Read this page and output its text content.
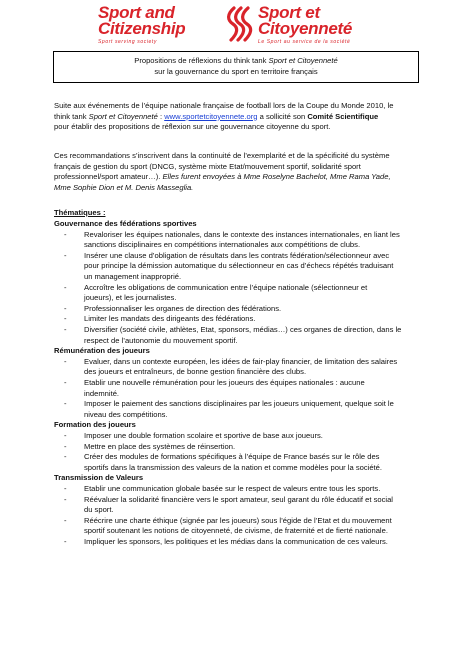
Sport and
Citizenship
Sport serving society
Sport et
Citoyenneté
Le Sport au service de la société
Propositions de réflexions du think tank Sport et Citoyenneté
sur la gouvernance du sport en territoire français
Suite aux événements de l’équipe nationale française de football lors de la Coupe du Monde 2010, le
think tank Sport et Citoyenneté : www.sportetcitoyennete.org a sollicité son Comité Scientifique
pour établir des propositions de réflexion sur une gouvernance citoyenne du sport.
Ces recommandations s’inscrivent dans la continuité de l’exemplarité et de la spécificité du système
français de gestion du sport (DNCG, système mixte Etat/mouvement sportif, solidarité sport
professionnel/sport amateur…). Elles furent envoyées à Mme Roselyne Bachelot, Mme Rama Yade,
Mme Sophie Dion et M. Denis Masseglia.
Thématiques :
Gouvernance des fédérations sportives
- Revaloriser les équipes nationales, dans le contexte des instances internationales, en liant les
sanctions disciplinaires en compétitions internationales aux compétitions de clubs.
- Insérer une clause d’obligation de résultats dans les contrats fédération/sélectionneur avec
pour principe la démission automatique du sélectionneur en cas d’échecs répétés traduisant
un management inapproprié.
- Accroître les obligations de communication entre l’équipe nationale (sélectionneur et
joueurs), et les journalistes.
- Professionnaliser les organes de direction des fédérations.
- Limiter les mandats des dirigeants des fédérations.
- Diversifier (société civile, athlètes, Etat, sponsors, médias…) ces organes de direction, dans le
respect de l’autonomie du mouvement sportif.
Rémunération des joueurs
- Evaluer, dans un contexte européen, les idées de fair-play financier, de limitation des salaires
des joueurs et entraîneurs, de bonne gestion financière des clubs.
- Etablir une nouvelle rémunération pour les joueurs des équipes nationales : aucune
indemnité.
- Imposer le paiement des sanctions disciplinaires par les joueurs uniquement, quelque soit le
niveau des compétitions.
Formation des joueurs
- Imposer une double formation scolaire et sportive de base aux joueurs.
- Mettre en place des systèmes de réinsertion.
- Créer des modules de formations spécifiques à l’équipe de France basés sur le rôle des
sportifs dans la transmission des valeurs de la nation et comme modèles pour la société.
Transmission de Valeurs
- Etablir une communication globale basée sur le respect de valeurs entre tous les sports.
- Réévaluer la solidarité financière vers le sport amateur, seul garant du rôle éducatif et social
du sport.
- Réécrire une charte éthique (signée par les joueurs) sous l’égide de l’Etat et du mouvement
sportif soutenant les notions de citoyenneté, de civisme, de fraternité et de fierté nationale.
- Impliquer les sponsors, les politiques et les médias dans la communication de ces valeurs.
